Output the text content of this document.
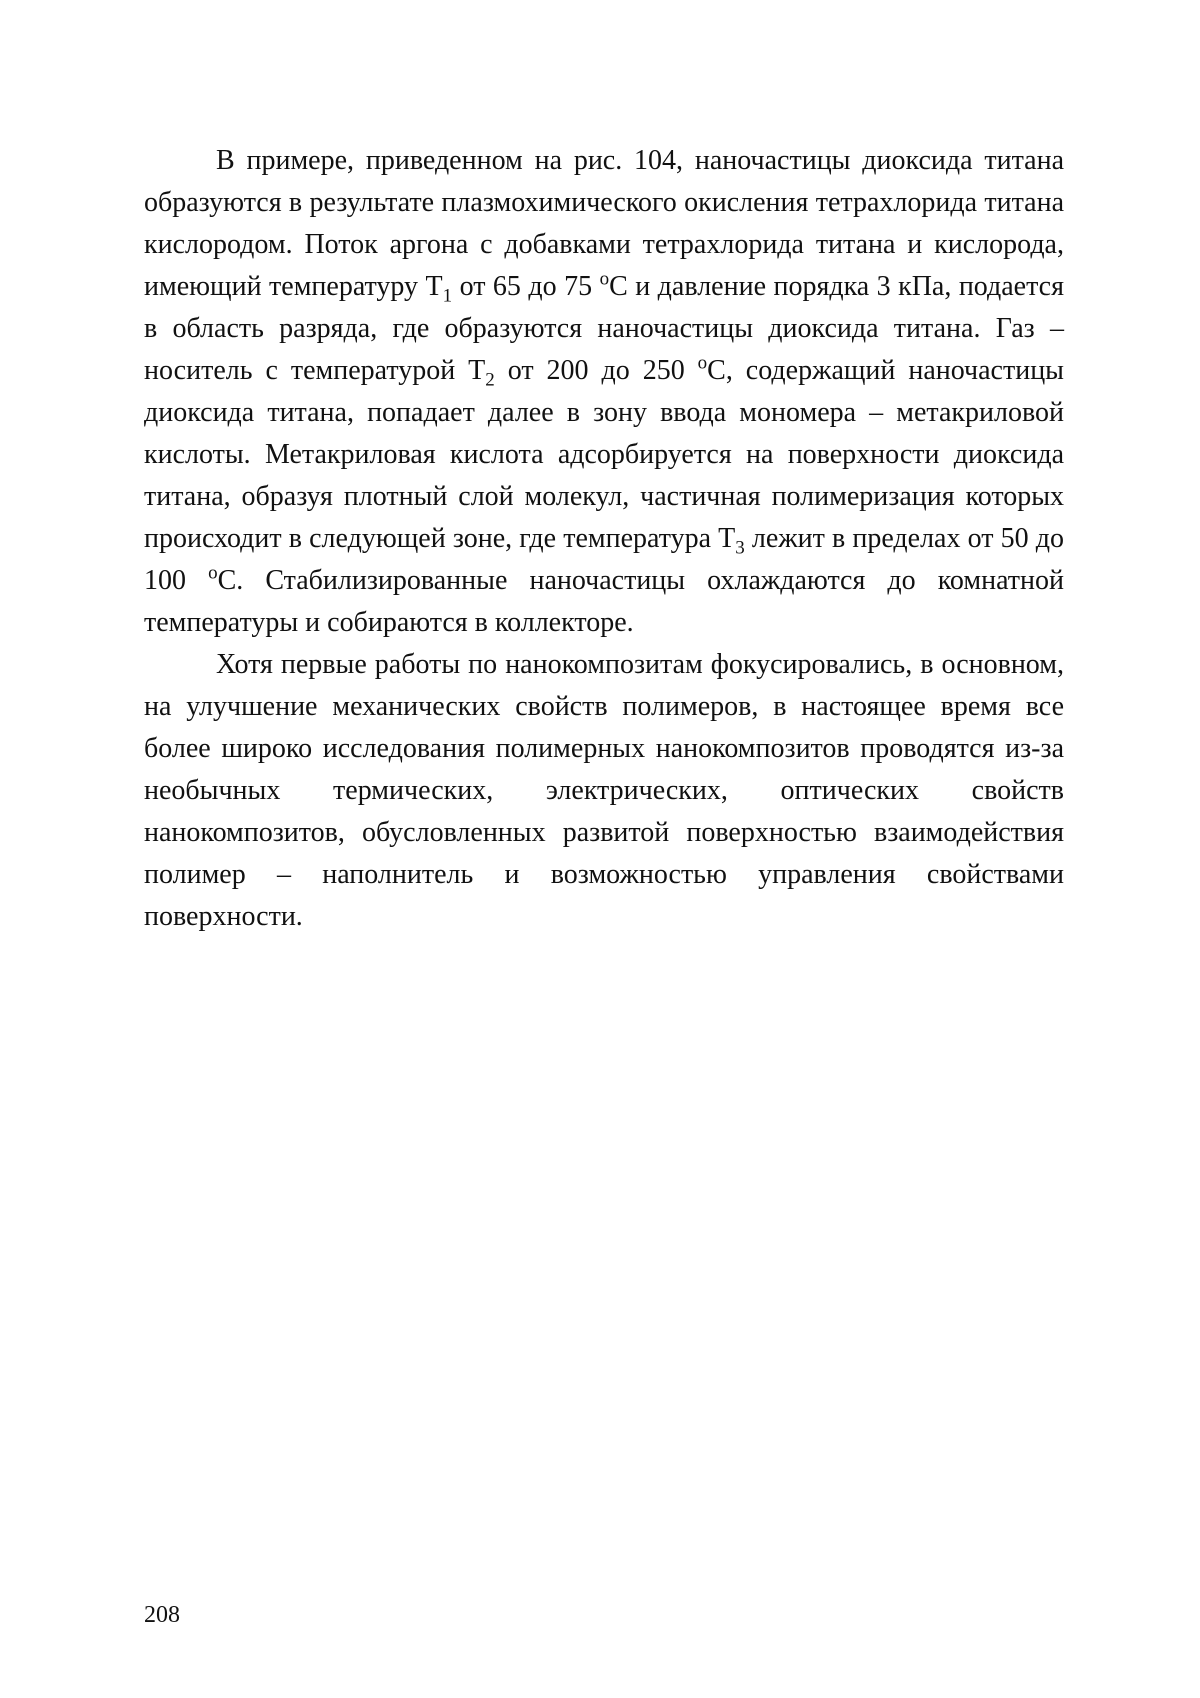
В примере, приведенном на рис. 104, наночастицы диоксида титана образуются в результате плазмохимического окисления тетрахлорида титана кислородом. Поток аргона с добавками тетрахлорида титана и кислорода, имеющий температуру $Т_1$ от 65 до 75 $^о$С и давление порядка 3 кПа, подается в область разряда, где образуются наночастицы диоксида титана. Газ – носитель с температурой $Т_2$ от 200 до 250 $^о$С, содержащий наночастицы диоксида титана, попадает далее в зону ввода мономера – метакриловой кислоты. Метакриловая кислота адсорбируется на поверхности диоксида титана, образуя плотный слой молекул, частичная полимеризация которых происходит в следующей зоне, где температура $Т_3$ лежит в пределах от 50 до 100 $^о$С. Стабилизированные наночастицы охлаждаются до комнатной температуры и собираются в коллекторе.

Хотя первые работы по нанокомпозитам фокусировались, в основном, на улучшение механических свойств полимеров, в настоящее время все более широко исследования полимерных нанокомпозитов проводятся из-за необычных термических, электрических, оптических свойств нанокомпозитов, обусловленных развитой поверхностью взаимодействия полимер – наполнитель и возможностью управления свойствами поверхности.

208
